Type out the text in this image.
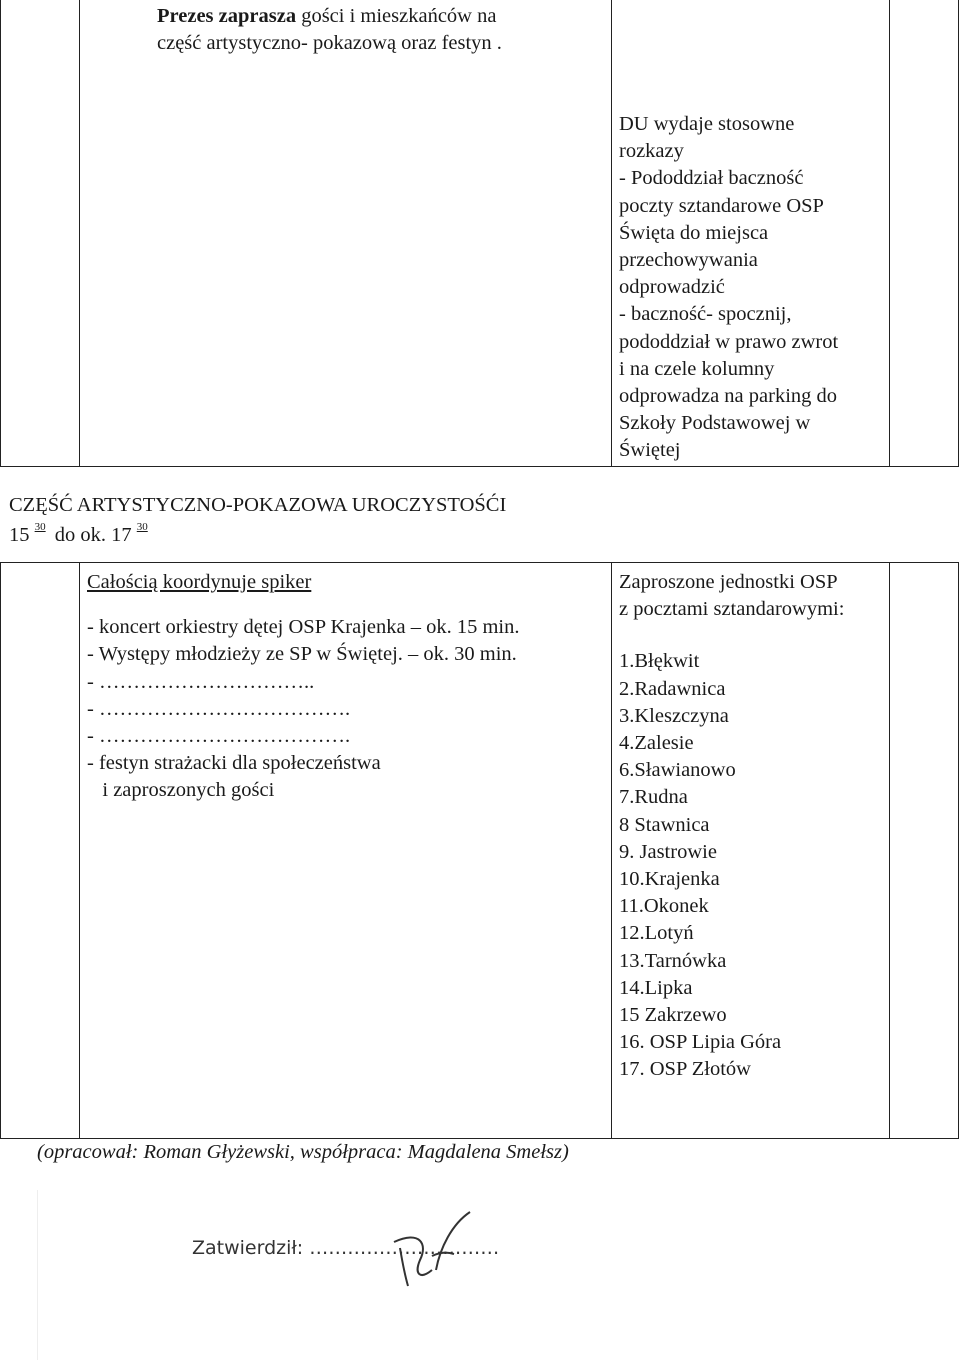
Prezes zaprasza gości i mieszkańców na
część artystyczno- pokazową oraz festyn .
DU wydaje stosowne
rozkazy
- Pododdział baczność
poczty sztandarowe OSP
Święta do miejsca
przechowywania
odprowadzić
- baczność- spocznij,
pododdział w prawo zwrot
i na czele kolumny
odprowadza na parking do
Szkoły Podstawowej w
Świętej
CZĘŚĆ ARTYSTYCZNO-POKAZOWA UROCZYSTOŚĆI
15 $^{30}$ do ok. 17 $^{30}$
Całością koordynuje spiker
- koncert orkiestry dętej OSP Krajenka – ok. 15 min.
- Występy młodzieży ze SP w Świętej. – ok. 30 min.
- …………………………..
- ……………………………….
- ……………………………….
- festyn strażacki dla społeczeństwa
i zaproszonych gości
Zaproszone jednostki OSP
z pocztami sztandarowymi:
1.Błękwit
2.Radawnica
3.Kleszczyna
4.Zalesie
6.Sławianowo
7.Rudna
8 Stawnica
9. Jastrowie
10.Krajenka
11.Okonek
12.Lotyń
13.Tarnówka
14.Lipka
15 Zakrzewo
16. OSP Lipia Góra
17. OSP Złotów
(opracował: Roman Głyżewski, współpraca: Magdalena Smełsz)
Zatwierdził: …………………………
